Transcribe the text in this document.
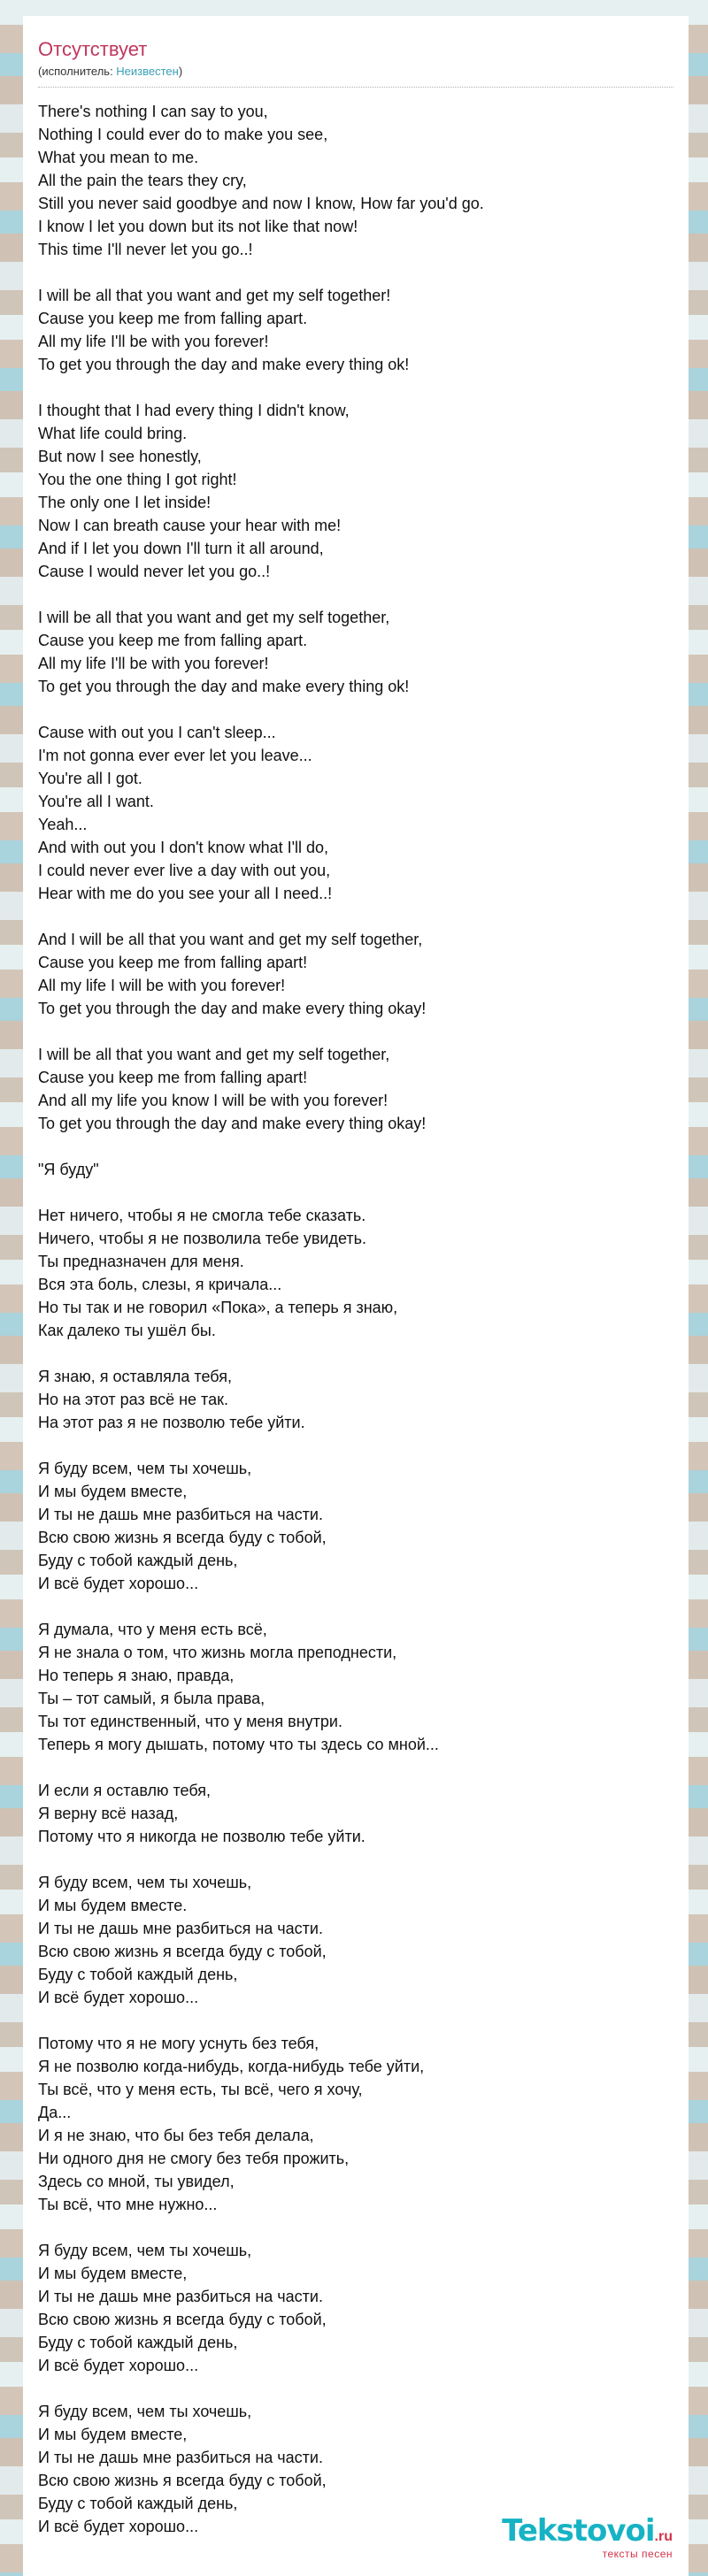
Отсутствует
(исполнитель: Неизвестен)
There's nothing I can say to you,
Nothing I could ever do to make you see,
What you mean to me.
All the pain the tears they cry,
Still you never said goodbye and now I know, How far you'd go.
I know I let you down but its not like that now!
This time I'll never let you go..!
I will be all that you want and get my self together!
Cause you keep me from falling apart.
All my life I'll be with you forever!
To get you through the day and make every thing ok!
I thought that I had every thing I didn't know,
What life could bring.
But now I see honestly,
You the one thing I got right!
The only one I let inside!
Now I can breath cause your hear with me!
And if I let you down I'll turn it all around,
Cause I would never let you go..!
I will be all that you want and get my self together,
Cause you keep me from falling apart.
All my life I'll be with you forever!
To get you through the day and make every thing ok!
Cause with out you I can't sleep...
I'm not gonna ever ever let you leave...
You're all I got.
You're all I want.
Yeah...
And with out you I don't know what I'll do,
I could never ever live a day with out you,
Hear with me do you see your all I need..!
And I will be all that you want and get my self together,
Cause you keep me from falling apart!
All my life I will be with you forever!
To get you through the day and make every thing okay!
I will be all that you want and get my self together,
Cause you keep me from falling apart!
And all my life you know I will be with you forever!
To get you through the day and make every thing okay!
"Я буду"
Нет ничего, чтобы я не смогла тебе сказать.
Ничего, чтобы я не позволила тебе увидеть.
Ты предназначен для меня.
Вся эта боль, слезы, я кричала...
Но ты так и не говорил «Пока», а теперь я знаю,
Как далеко ты ушёл бы.
Я знаю, я оставляла тебя,
Но на этот раз всё не так.
На этот раз я не позволю тебе уйти.
Я буду всем, чем ты хочешь,
И мы будем вместе,
И ты не дашь мне разбиться на части.
Всю свою жизнь я всегда буду с тобой,
Буду с тобой каждый день,
И всё будет хорошо...
Я думала, что у меня есть всё,
Я не знала о том, что жизнь могла преподнести,
Но теперь я знаю, правда,
Ты – тот самый, я была права,
Ты тот единственный, что у меня внутри.
Теперь я могу дышать, потому что ты здесь со мной...
И если я оставлю тебя,
Я верну всё назад,
Потому что я никогда не позволю тебе уйти.
Я буду всем, чем ты хочешь,
И мы будем вместе.
И ты не дашь мне разбиться на части.
Всю свою жизнь я всегда буду с тобой,
Буду с тобой каждый день,
И всё будет хорошо...
Потому что я не могу уснуть без тебя,
Я не позволю когда-нибудь, когда-нибудь тебе уйти,
Ты всё, что у меня есть, ты всё, чего я хочу,
Да...
И я не знаю, что бы без тебя делала,
Ни одного дня не смогу без тебя прожить,
Здесь со мной, ты увидел,
Ты всё, что мне нужно...
Я буду всем, чем ты хочешь,
И мы будем вместе,
И ты не дашь мне разбиться на части.
Всю свою жизнь я всегда буду с тобой,
Буду с тобой каждый день,
И всё будет хорошо...
Я буду всем, чем ты хочешь,
И мы будем вместе,
И ты не дашь мне разбиться на части.
Всю свою жизнь я всегда буду с тобой,
Буду с тобой каждый день,
И всё будет хорошо...	Tekstovoi.ru
тексты песен
